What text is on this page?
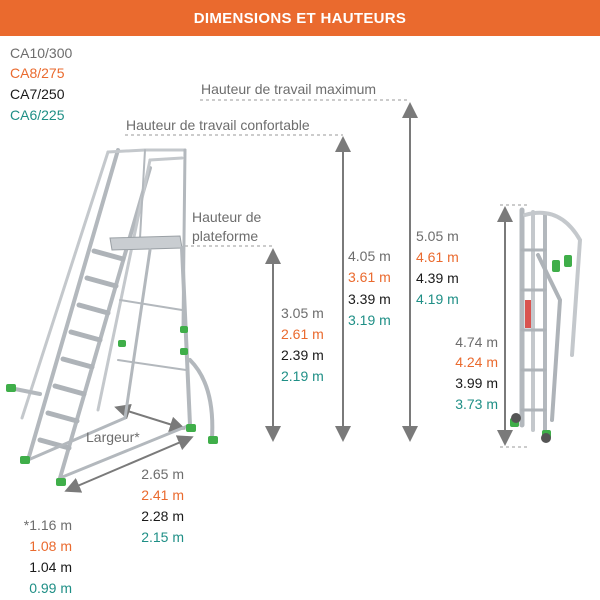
DIMENSIONS ET HAUTEURS
CA10/300
CA8/275
CA7/250
CA6/225
Hauteur de travail maximum
Hauteur de travail confortable
Hauteur de
plateforme
Largeur*
3.05 m
2.61 m
2.39 m
2.19 m
4.05 m
3.61 m
3.39 m
3.19 m
5.05 m
4.61 m
4.39 m
4.19 m
4.74 m
4.24 m
3.99 m
3.73 m
2.65 m
2.41 m
2.28 m
2.15 m
*1.16 m
1.08 m
1.04 m
0.99 m
